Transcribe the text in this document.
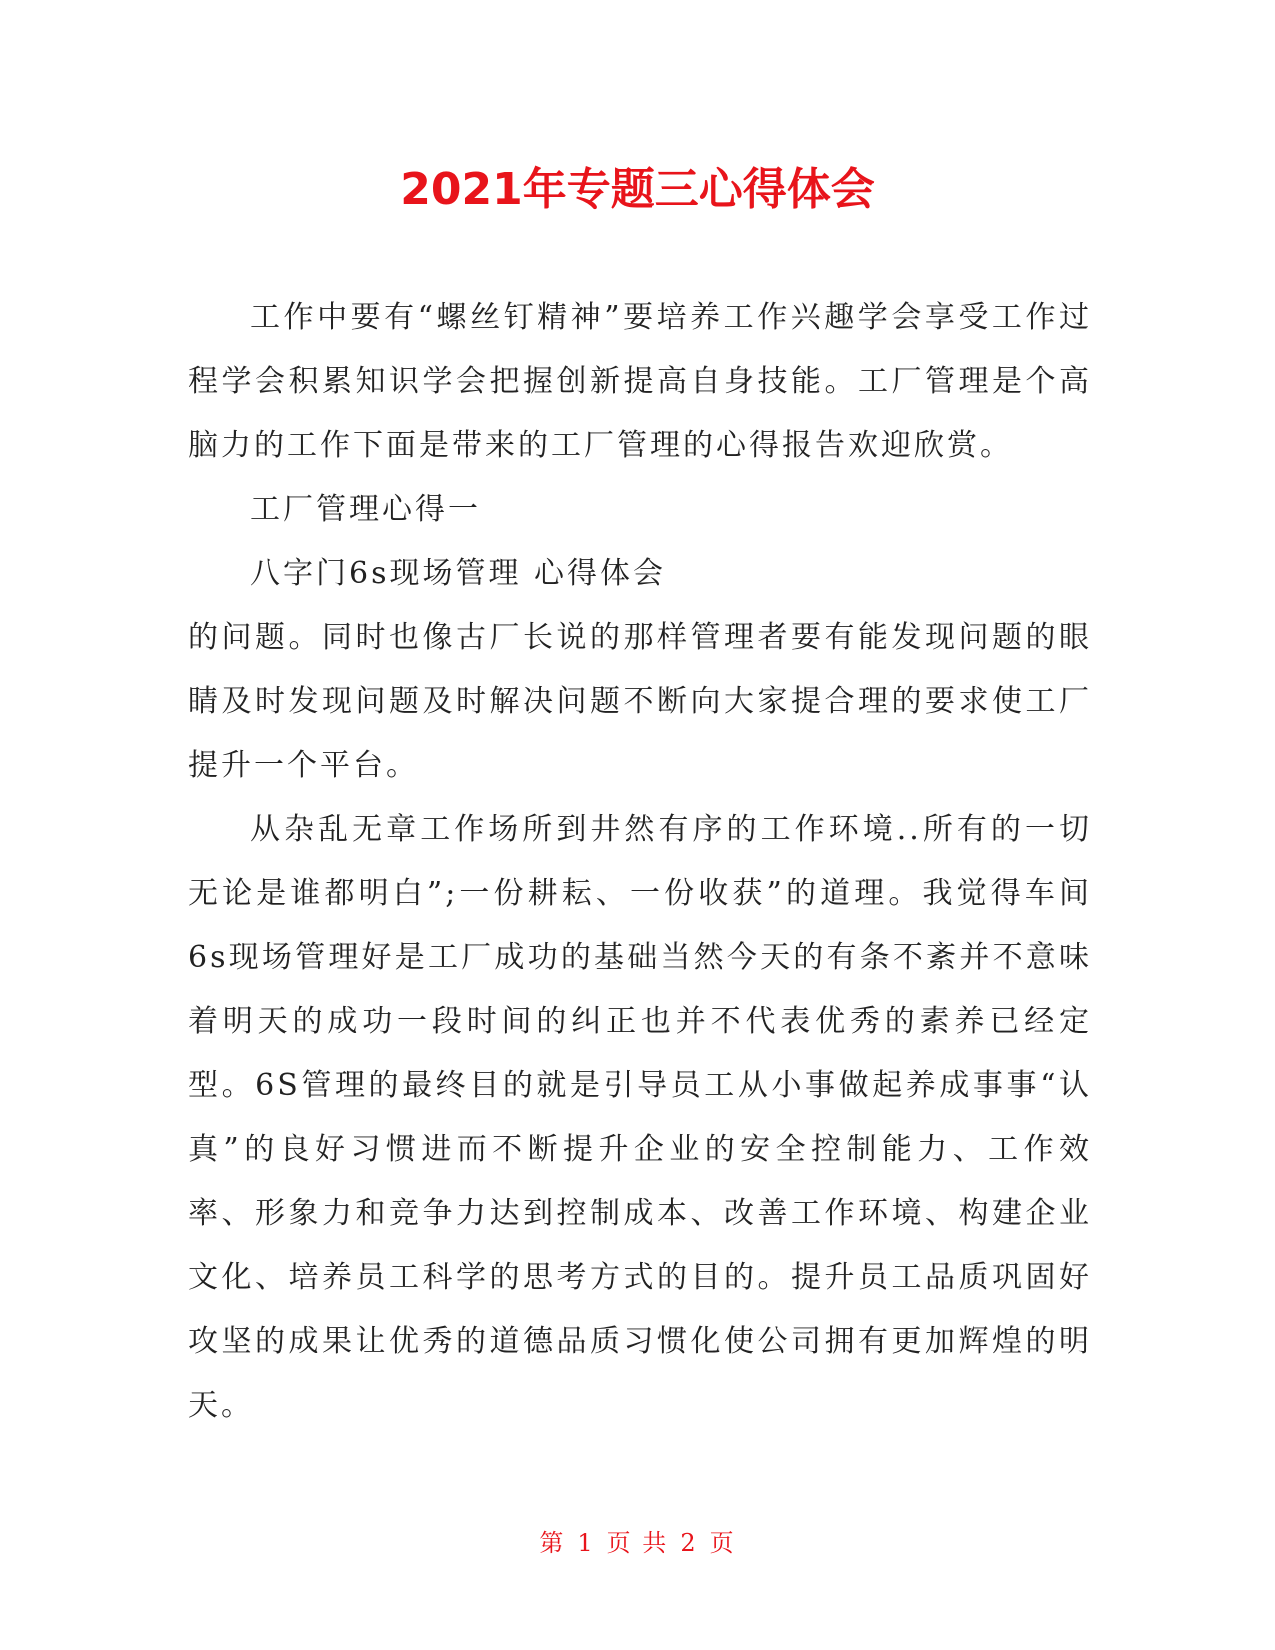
2021年专题三心得体会

工作中要有“螺丝钉精神”要培养工作兴趣学会享受工作过程学会积累知识学会把握创新提高自身技能。工厂管理是个高脑力的工作下面是带来的工厂管理的心得报告欢迎欣赏。

工厂管理心得一

八字门6s现场管理 心得体会

的问题。同时也像古厂长说的那样管理者要有能发现问题的眼睛及时发现问题及时解决问题不断向大家提合理的要求使工厂提升一个平台。

从杂乱无章工作场所到井然有序的工作环境..所有的一切无论是谁都明白”;一份耕耘、一份收获”的道理。我觉得车间6s现场管理好是工厂成功的基础当然今天的有条不紊并不意味着明天的成功一段时间的纠正也并不代表优秀的素养已经定型。6S管理的最终目的就是引导员工从小事做起养成事事“认真”的良好习惯进而不断提升企业的安全控制能力、工作效率、形象力和竞争力达到控制成本、改善工作环境、构建企业文化、培养员工科学的思考方式的目的。提升员工品质巩固好攻坚的成果让优秀的道德品质习惯化使公司拥有更加辉煌的明天。

第 1 页 共 2 页
